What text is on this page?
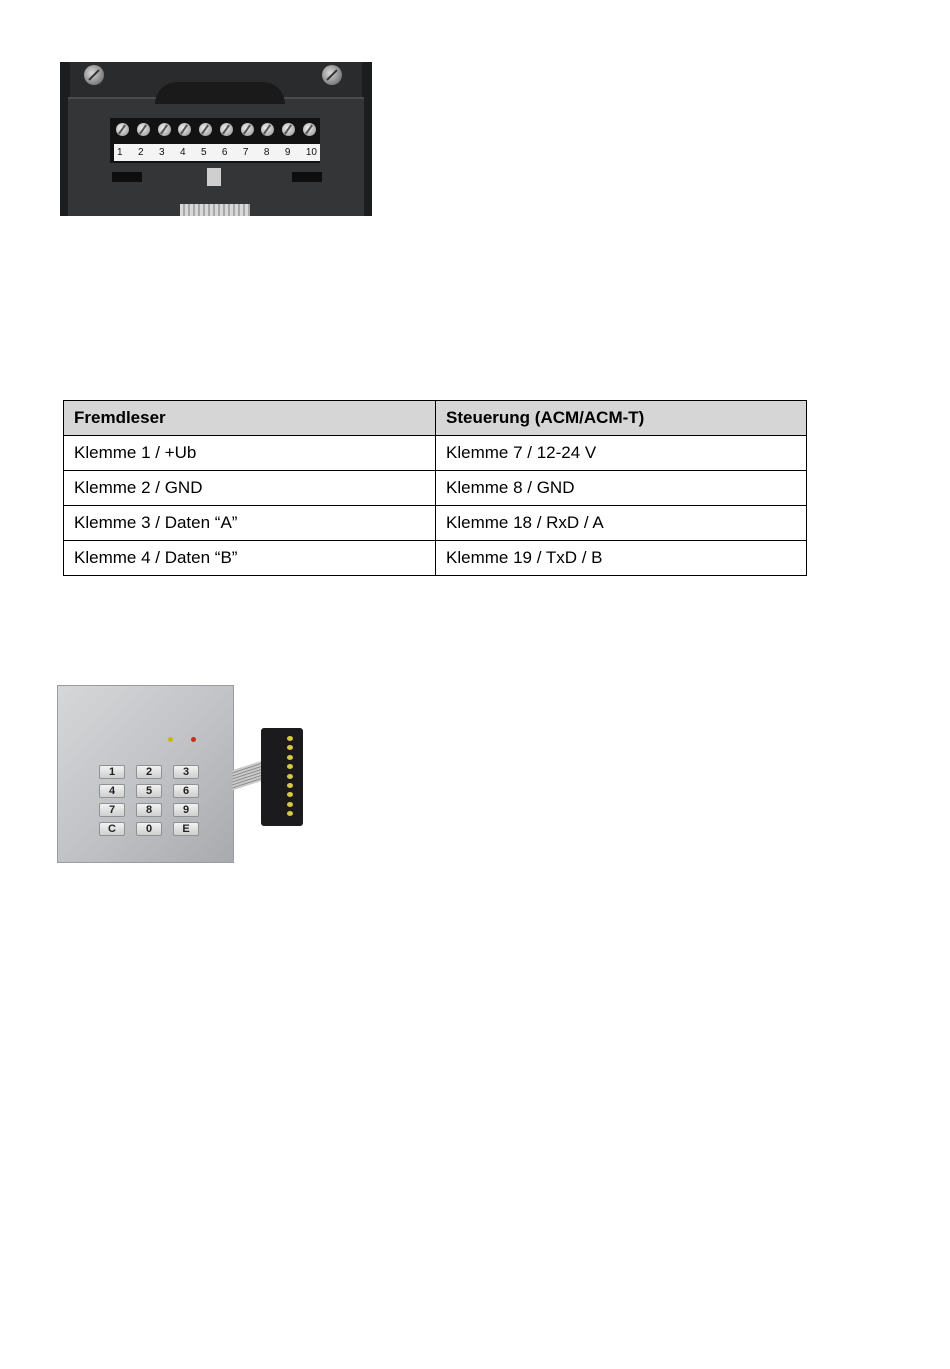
1 2 3 4 5 6 7 8 9 10
Fremdleser	Steuerung (ACM/ACM-T)
Klemme 1 / +Ub	Klemme 7 / 12-24 V
Klemme 2 / GND	Klemme 8 / GND
Klemme 3 / Daten “A”	Klemme 18 / RxD / A
Klemme 4 / Daten “B”	Klemme 19 / TxD / B
1	2	3
4	5	6
7	8	9
C	0	E
